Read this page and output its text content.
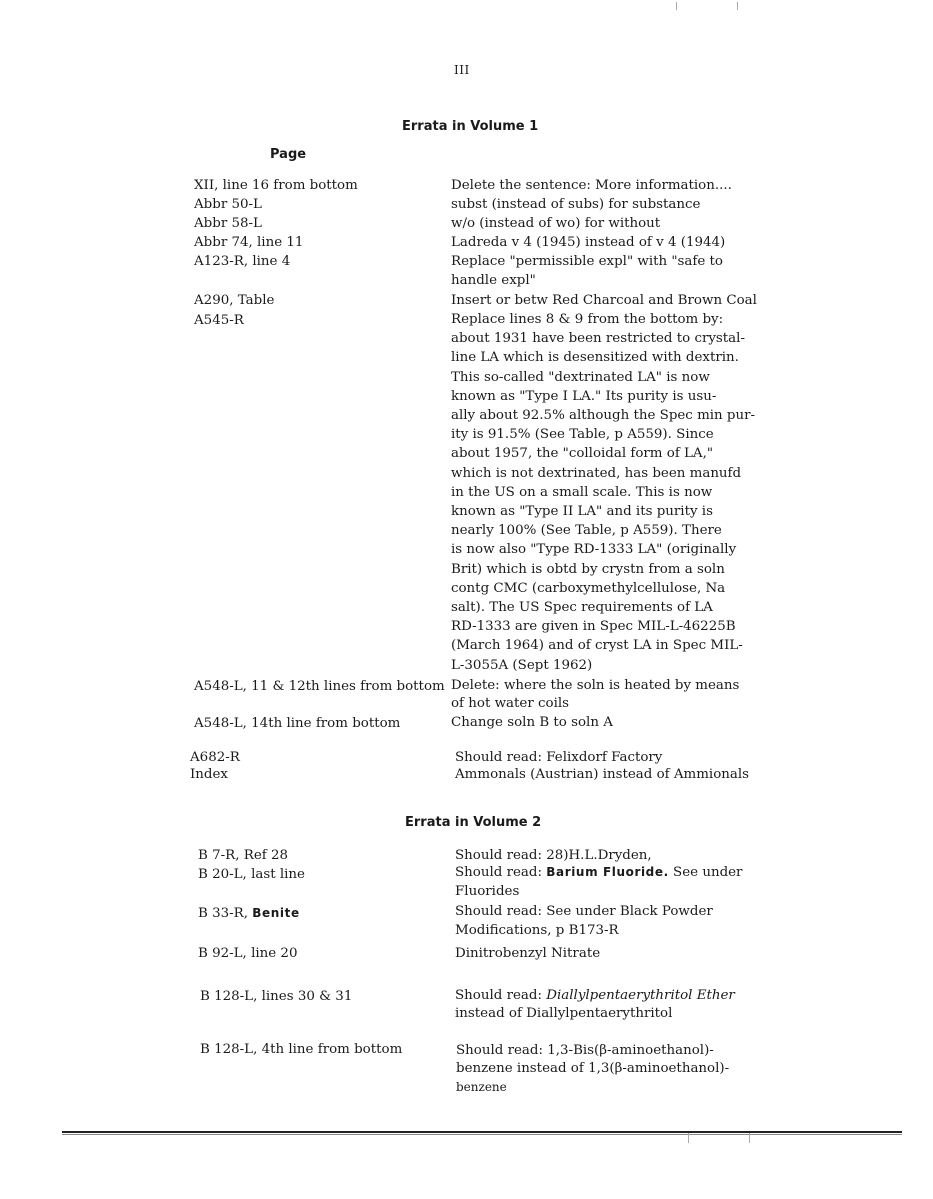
III
Errata in Volume 1
Page
XII, line 16 from bottom	Delete the sentence: More information....
Abbr 50-L	subst (instead of subs) for substance
Abbr 58-L	w/o (instead of wo) for without
Abbr 74, line 11	Ladreda v 4 (1945) instead of v 4 (1944)
A123-R, line 4	Replace "permissible expl" with "safe to
handle expl"
A290, Table	Insert or betw Red Charcoal and Brown Coal
A545-R	Replace lines 8 & 9 from the bottom by:
about 1931 have been restricted to crystal-
line LA which is desensitized with dextrin.
This so-called "dextrinated LA" is now
known as "Type I LA." Its purity is usu-
ally about 92.5% although the Spec min pur-
ity is 91.5% (See Table, p A559). Since
about 1957, the "colloidal form of LA,"
which is not dextrinated, has been manufd
in the US on a small scale. This is now
known as "Type II LA" and its purity is
nearly 100% (See Table, p A559). There
is now also "Type RD-1333 LA" (originally
Brit) which is obtd by crystn from a soln
contg CMC (carboxymethylcellulose, Na
salt). The US Spec requirements of LA
RD-1333 are given in Spec MIL-L-46225B
(March 1964) and of cryst LA in Spec MIL-
L-3055A (Sept 1962)
A548-L, 11 & 12th lines from bottom Delete: where the soln is heated by means
of hot water coils
A548-L, 14th line from bottom	Change soln B to soln A
A682-R	Should read: Felixdorf Factory
Index	Ammonals (Austrian) instead of Ammionals
Errata in Volume 2
B 7-R, Ref 28	Should read: 28)H.L.Dryden,
B 20-L, last line	Should read: Barium Fluoride. See under
Fluorides
B 33-R, Benite	Should read: See under Black Powder
Modifications, p B173-R
B 92-L, line 20	Dinitrobenzyl Nitrate
B 128-L, lines 30 & 31	Should read: Diallylpentaerythritol Ether
instead of Diallylpentaerythritol
B 128-L, 4th line from bottom	Should read: 1,3-Bis(β-aminoethanol)-
benzene instead of 1,3(β-aminoethanol)-
benzene
